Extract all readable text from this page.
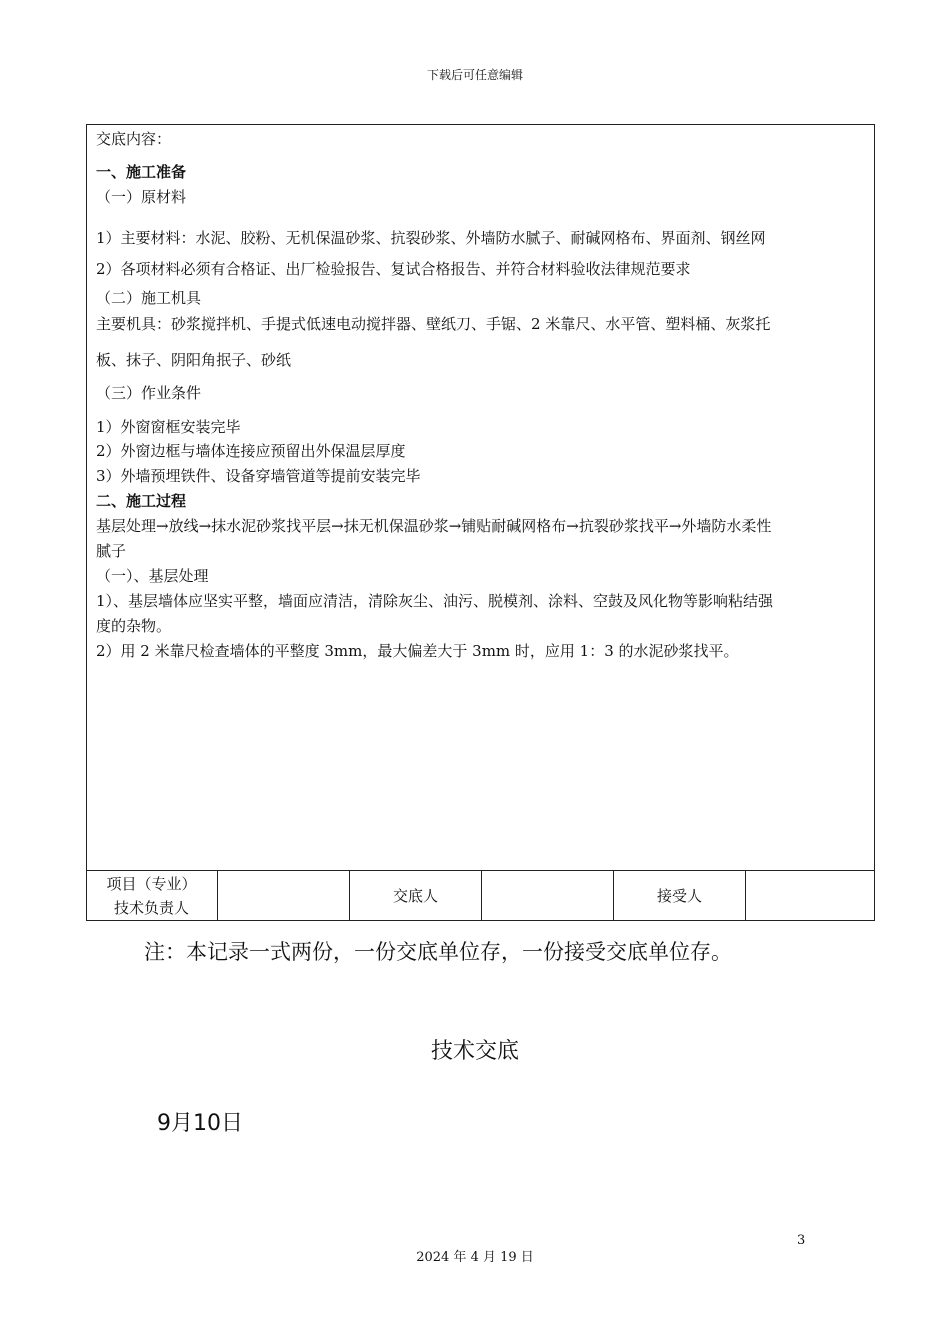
下载后可任意编辑
交底内容：
一、施工准备
（一）原材料
1）主要材料：水泥、胶粉、无机保温砂浆、抗裂砂浆、外墙防水腻子、耐碱网格布、界面剂、钢丝网
2）各项材料必须有合格证、出厂检验报告、复试合格报告、并符合材料验收法律规范要求
（二）施工机具
主要机具：砂浆搅拌机、手提式低速电动搅拌器、壁纸刀、手锯、2 米靠尺、水平管、塑料桶、灰浆托
板、抹子、阴阳角抿子、砂纸
（三）作业条件
1）外窗窗框安装完毕
2）外窗边框与墙体连接应预留出外保温层厚度
3）外墙预埋铁件、设备穿墙管道等提前安装完毕
二、施工过程
基层处理→放线→抹水泥砂浆找平层→抹无机保温砂浆→铺贴耐碱网格布→抗裂砂浆找平→外墙防水柔性
腻子
（一）、基层处理
1）、基层墙体应坚实平整，墙面应清洁，清除灰尘、油污、脱模剂、涂料、空鼓及风化物等影响粘结强
度的杂物。
2）用 2 米靠尺检查墙体的平整度 3mm，最大偏差大于 3mm 时，应用 1：3 的水泥砂浆找平。
项目（专业）
技术负责人
交底人	接受人
注：本记录一式两份，一份交底单位存，一份接受交底单位存。
技术交底
9月10日
3
2024 年 4 月 19 日
